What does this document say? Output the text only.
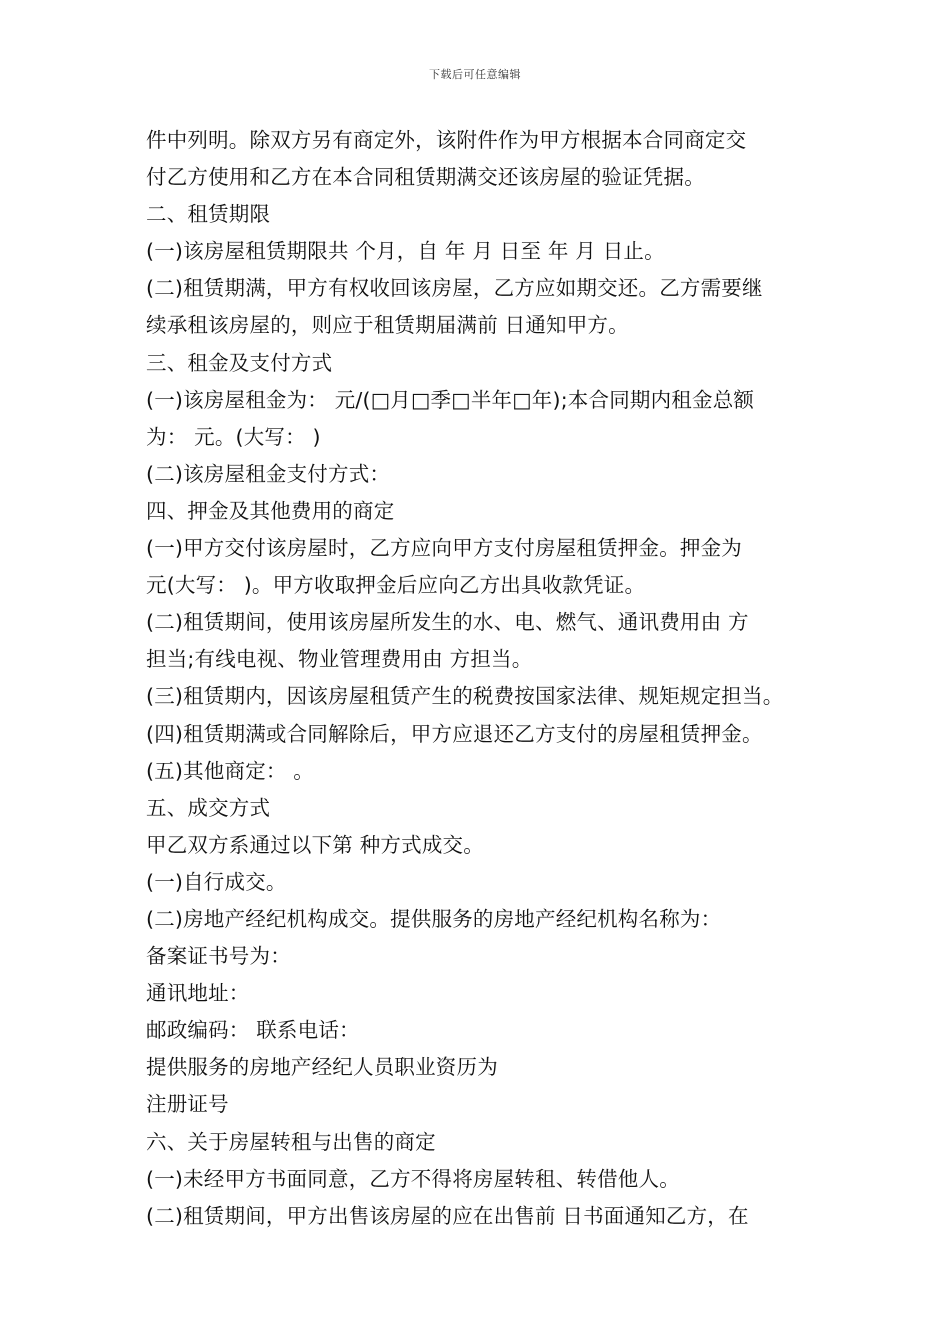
下载后可任意编辑
件中列明。除双方另有商定外，该附件作为甲方根据本合同商定交
付乙方使用和乙方在本合同租赁期满交还该房屋的验证凭据。
二、租赁期限
(一)该房屋租赁期限共 个月，自 年 月 日至 年 月 日止。
(二)租赁期满，甲方有权收回该房屋，乙方应如期交还。乙方需要继
续承租该房屋的，则应于租赁期届满前 日通知甲方。
三、租金及支付方式
(一)该房屋租金为： 元/(□月□季□半年□年);本合同期内租金总额
为： 元。(大写： )
(二)该房屋租金支付方式：
四、押金及其他费用的商定
(一)甲方交付该房屋时，乙方应向甲方支付房屋租赁押金。押金为
元(大写： )。甲方收取押金后应向乙方出具收款凭证。
(二)租赁期间，使用该房屋所发生的水、电、燃气、通讯费用由 方
担当;有线电视、物业管理费用由 方担当。
(三)租赁期内，因该房屋租赁产生的税费按国家法律、规矩规定担当。
(四)租赁期满或合同解除后，甲方应退还乙方支付的房屋租赁押金。
(五)其他商定： 。
五、成交方式
甲乙双方系通过以下第 种方式成交。
(一)自行成交。
(二)房地产经纪机构成交。提供服务的房地产经纪机构名称为：
备案证书号为：
通讯地址：
邮政编码： 联系电话：
提供服务的房地产经纪人员职业资历为
注册证号
六、关于房屋转租与出售的商定
(一)未经甲方书面同意，乙方不得将房屋转租、转借他人。
(二)租赁期间，甲方出售该房屋的应在出售前 日书面通知乙方，在
